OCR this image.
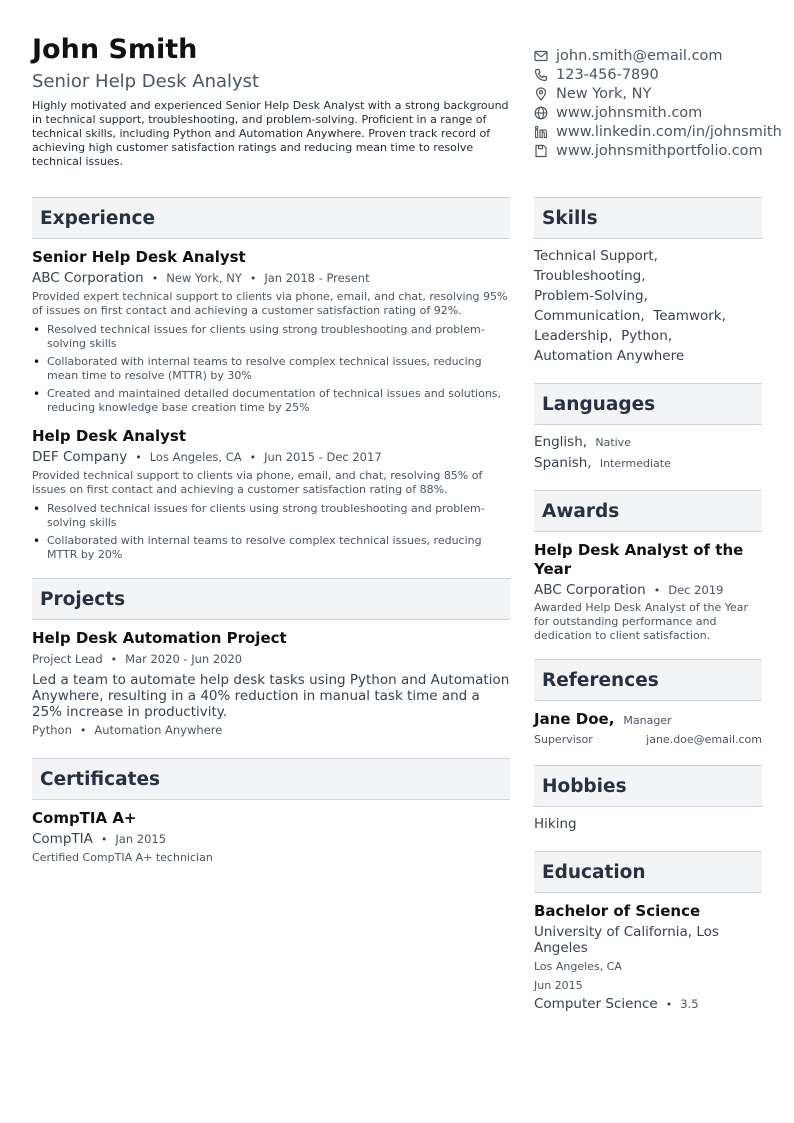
John Smith
Senior Help Desk Analyst
Highly motivated and experienced Senior Help Desk Analyst with a strong background in technical support, troubleshooting, and problem-solving. Proficient in a range of technical skills, including Python and Automation Anywhere. Proven track record of achieving high customer satisfaction ratings and reducing mean time to resolve technical issues.
john.smith@email.com
123-456-7890
New York, NY
www.johnsmith.com
www.linkedin.com/in/johnsmith
www.johnsmithportfolio.com
Experience
Senior Help Desk Analyst
ABC Corporation • New York, NY • Jan 2018 - Present
Provided expert technical support to clients via phone, email, and chat, resolving 95% of issues on first contact and achieving a customer satisfaction rating of 92%.
• Resolved technical issues for clients using strong troubleshooting and problem-solving skills
• Collaborated with internal teams to resolve complex technical issues, reducing mean time to resolve (MTTR) by 30%
• Created and maintained detailed documentation of technical issues and solutions, reducing knowledge base creation time by 25%
Help Desk Analyst
DEF Company • Los Angeles, CA • Jun 2015 - Dec 2017
Provided technical support to clients via phone, email, and chat, resolving 85% of issues on first contact and achieving a customer satisfaction rating of 88%.
• Resolved technical issues for clients using strong troubleshooting and problem-solving skills
• Collaborated with internal teams to resolve complex technical issues, reducing MTTR by 20%
Projects
Help Desk Automation Project
Project Lead • Mar 2020 - Jun 2020
Led a team to automate help desk tasks using Python and Automation Anywhere, resulting in a 40% reduction in manual task time and a 25% increase in productivity.
Python • Automation Anywhere
Certificates
CompTIA A+
CompTIA • Jan 2015
Certified CompTIA A+ technician
Skills
Technical Support,
Troubleshooting,
Problem-Solving,
Communication,  Teamwork,
Leadership,  Python,
Automation Anywhere
Languages
English, Native
Spanish, Intermediate
Awards
Help Desk Analyst of the Year
ABC Corporation • Dec 2019
Awarded Help Desk Analyst of the Year for outstanding performance and dedication to client satisfaction.
References
Jane Doe, Manager
Supervisor	jane.doe@email.com
Hobbies
Hiking
Education
Bachelor of Science
University of California, Los Angeles
Los Angeles, CA
Jun 2015
Computer Science • 3.5
